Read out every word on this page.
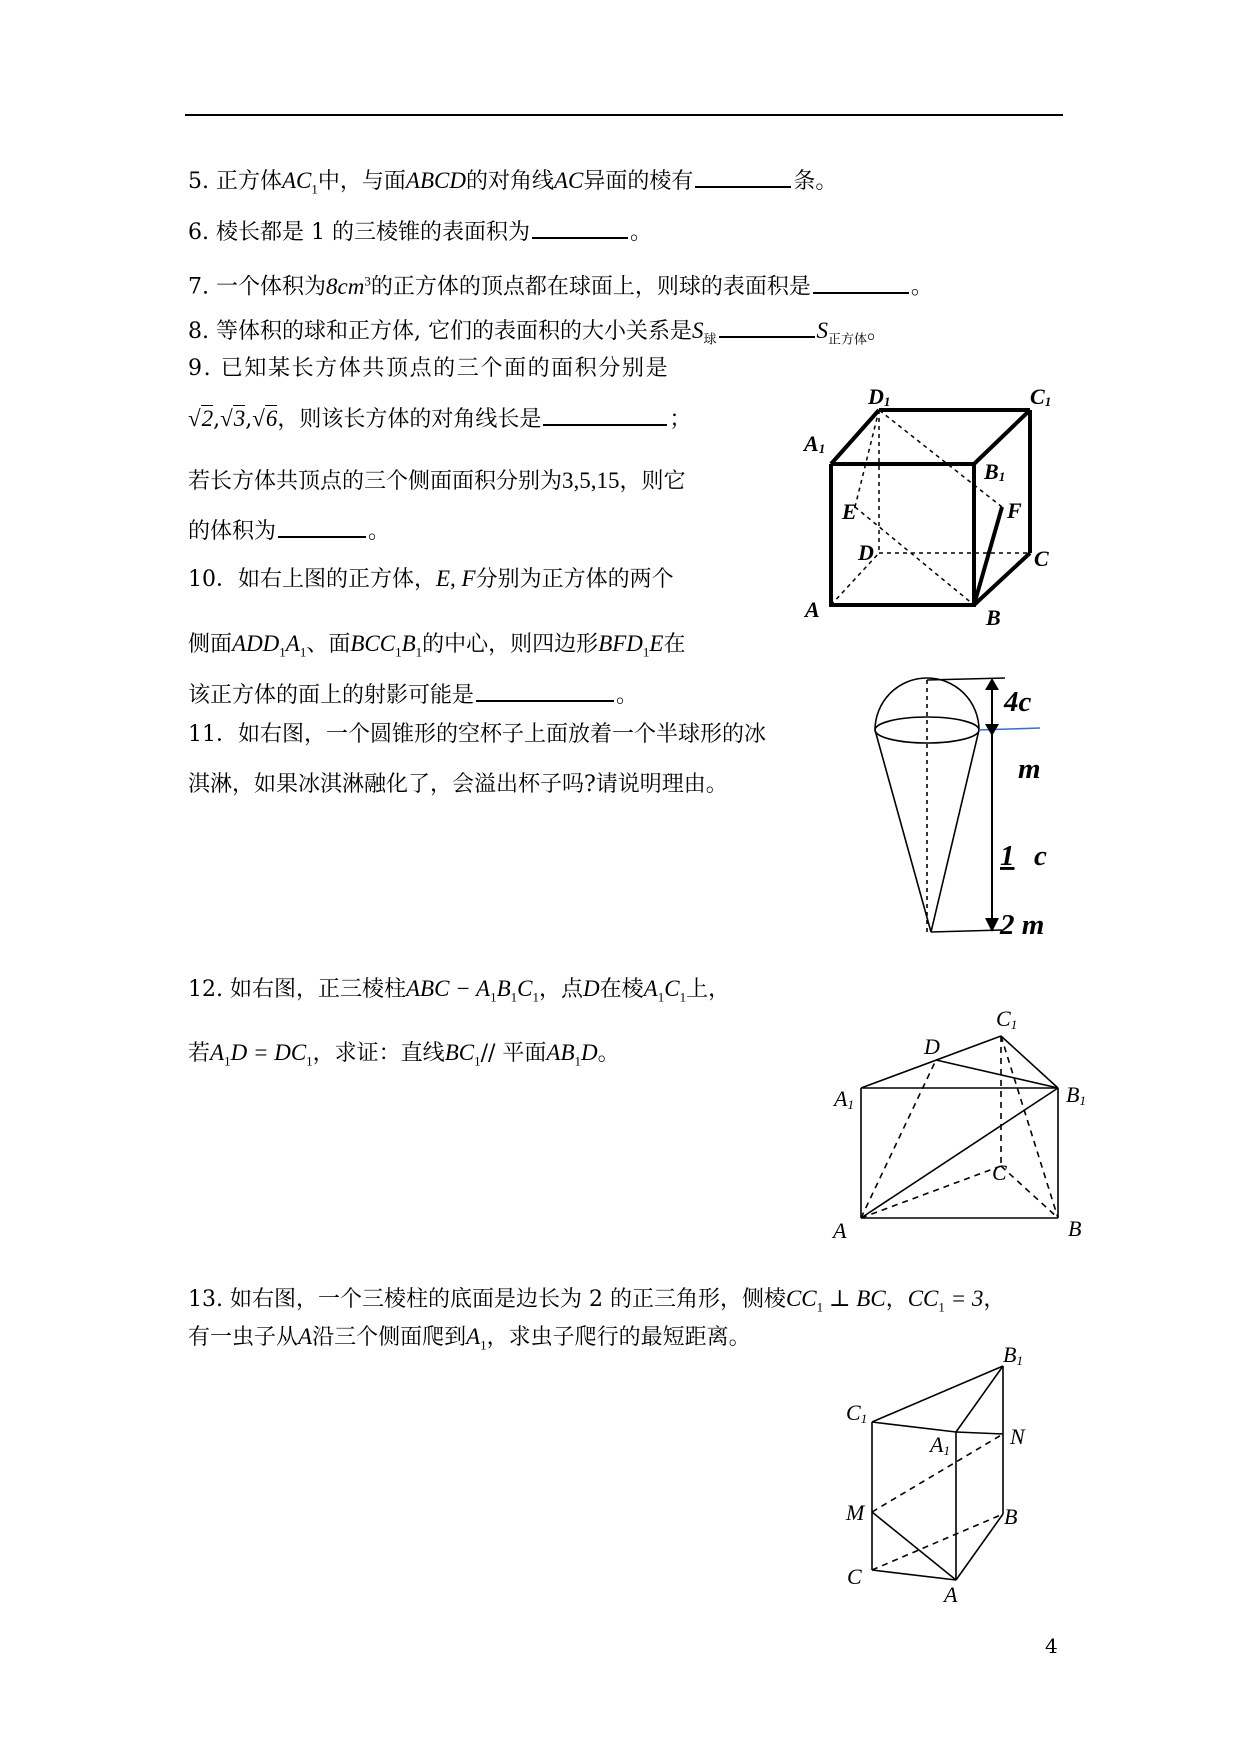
5. 正方体$AC_1$中，与面ABCD的对角线AC异面的棱有	条。
6. 棱长都是 1 的三棱锥的表面积为	。
7. 一个体积为$8cm^3$的正方体的顶点都在球面上，则球的表面积是	。
8. 等体积的球和正方体, 它们的表面积的大小关系是$S_球$	$S_{正方体}$。
9. 已知某长方体共顶点的三个面的面积分别是
√2,√3,√6，则该长方体的对角线长是	；
若长方体共顶点的三个侧面面积分别为3,5,15，则它
的体积为	。
10．如右上图的正方体，E, F分别为正方体的两个
侧面$ADD_1A_1$、面$BCC_1B_1$的中心，则四边形$BFD_1E$在
该正方体的面上的射影可能是	。
11．如右图，一个圆锥形的空杯子上面放着一个半球形的冰
淇淋，如果冰淇淋融化了，会溢出杯子吗?请说明理由。
12. 如右图，正三棱柱ABC − $A_1B_1C_1$，点D在棱$A_1C_1$上，
若$A_1D = DC_1$，求证：直线$BC_1//$ 平面$AB_1D$。
13. 如右图，一个三棱柱的底面是边长为 2 的正三角形，侧棱$CC_1$ ⊥ BC，$CC_1 = 3$，
有一虫子从A沿三个侧面爬到$A_1$，求虫子爬行的最短距离。
D1	C1
A1
B1
E	F
D	C
A	B
4c
m
1 c
2 m
C1
D
A1	B1
C
A	B
B1
C1
A1
N
M	B
C
A
4
